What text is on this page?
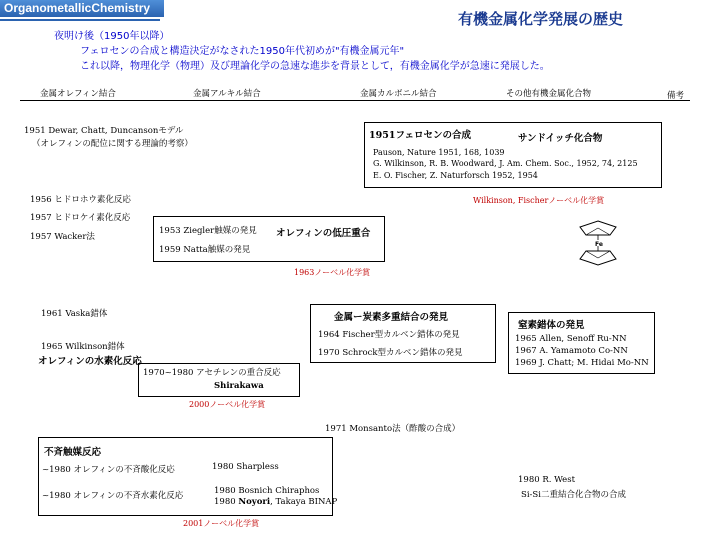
OrganometallicChemistry
有機金属化学発展の歴史
夜明け後（1950年以降）
フェロセンの合成と構造決定がなされた1950年代初めが"有機金属元年"
これ以降，物理化学（物理）及び理論化学の急速な進歩を背景として，有機金属化学が急速に発展した。
金属オレフィン結合	金属アルキル結合	金属カルボニル結合	その他有機金属化合物	備考
1951 Dewar, Chatt, Duncansonモデル
（オレフィンの配位に関する理論的考察）
1951フェロセンの合成	サンドイッチ化合物
Pauson, Nature 1951, 168, 1039
G. Wilkinson, R. B. Woodward, J. Am. Chem. Soc., 1952, 74, 2125
E. O. Fischer, Z. Naturforsch 1952, 1954
Wilkinson, Fischerノーベル化学賞
1956 ヒドロホウ素化反応
1957 ヒドロケイ素化反応
1957 Wacker法
1953 Ziegler触媒の発見 オレフィンの低圧重合
1959 Natta触媒の発見
1963ノーベル化学賞
Fe
1961 Vaska錯体
1965 Wilkinson錯体
オレフィンの水素化反応
1970~1980 アセチレンの重合反応
Shirakawa
2000ノーベル化学賞
金属ー炭素多重結合の発見
1964 Fischer型カルベン錯体の発見
1970 Schrock型カルベン錯体の発見
窒素錯体の発見
1965 Allen, Senoff Ru-NN
1967 A. Yamamoto Co-NN
1969 J. Chatt; M. Hidai Mo-NN
1971 Monsanto法（酢酸の合成）
不斉触媒反応
~1980 オレフィンの不斉酸化反応	1980 Sharpless
~1980 オレフィンの不斉水素化反応	1980 Bosnich Chiraphos
1980 Noyori, Takaya BINAP
2001ノーベル化学賞
1980 R. West
Si-Si二重結合化合物の合成
